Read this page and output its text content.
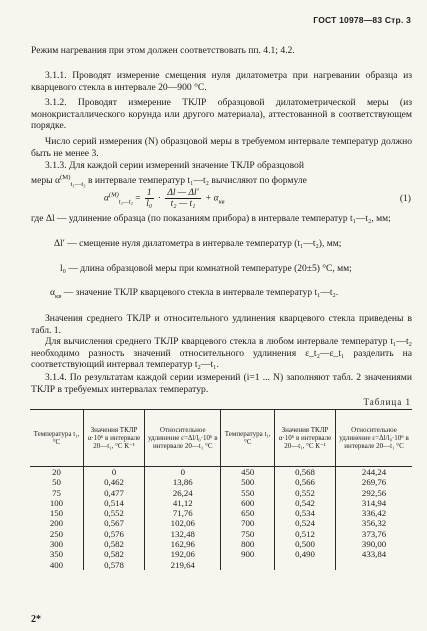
ГОСТ 10978—83 Стр. 3
Режим нагревания при этом должен соответствовать пп. 4.1; 4.2.
3.1.1. Проводят измерение смещения нуля дилатометра при нагревании образца из кварцевого стекла в интервале 20—900 °С.
3.1.2. Проводят измерение ТКЛР образцовой дилатометрической меры (из монокристаллического корунда или другого материала), аттестованной в соответствующем порядке.
Число серий измерения (N) образцовой меры в требуемом интервале температур должно быть не менее 3.
3.1.3. Для каждой серии измерений значение ТКЛР образцовой
меры $\alpha^{(M)}_{t_1—t_2}$ в интервале температур t₁—t₂ вычисляют по формуле
$\alpha^{(M)}_{t_1—t_2} = \frac{1}{\text{l₀}} \cdot \frac{\Delta l — \Delta l'}{\text{t₂ — t₁}} + \alpha_{кв}$	(1)
где Δl — удлинение образца (по показаниям прибора) в интервале температур t₁—t₂, мм;
Δl′ — смещение нуля дилатометра в интервале температур (t₁—t₂), мм;
l₀ — длина образцовой меры при комнатной температуре (20±5) °С, мм;
$\alpha_{кв}$ — значение ТКЛР кварцевого стекла в интервале температур t₁—t₂.
Значения среднего ТКЛР и относительного удлинения кварцевого стекла приведены в табл. 1.
Для вычисления среднего ТКЛР кварцевого стекла в любом интервале температур t₁—t₂ необходимо разность значений относительного удлинения ε_t₂—ε_t₁ разделить на соответствующий интервал температур t₂—t₁.
3.1.4. По результатам каждой серии измерений (i=1 ... N) заполняют табл. 2 значениями ТКЛР в требуемых интервалах температур.
Таблица 1
Температура t₁, °С	Значения ТКЛР α·10⁶ в интервале 20—t₁, °С К⁻¹	Относительное удлинение ε=Δl/l₀·10⁶ в интервале 20—t₁ °С	Температура t₁, °С	Значения ТКЛР α·10⁶ в интервале 20—t₁, °С К⁻¹	Относительное удлинение ε=Δl/l₀·10⁶ в интервале 20—t₁ °С
20	0	0	450	0,568	244,24
50	0,462	13,86	500	0,566	269,76
75	0,477	26,24	550	0,552	292,56
100	0,514	41,12	600	0,542	314,94
150	0,552	71,76	650	0,534	336,42
200	0,567	102,06	700	0,524	356,32
250	0,576	132,48	750	0,512	373,76
300	0,582	162,96	800	0,500	390,00
350	0,582	192,06	900	0,490	433,84
400	0,578	219,64			
2*
